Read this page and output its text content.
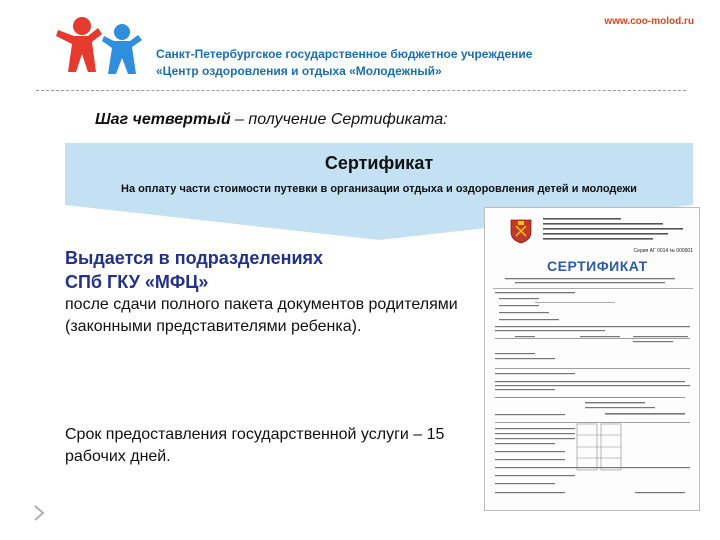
www.coo-molod.ru
Санкт-Петербургское государственное бюджетное учреждение
«Центр оздоровления и отдыха «Молодежный»
Шаг четвертый – получение Сертификата:
Сертификат
На оплату части стоимости путевки в организации отдыха и оздоровления детей и молодежи
Выдается в подразделениях
СПб ГКУ «МФЦ»
после сдачи полного пакета документов родителями (законными представителями ребенка).
Срок предоставления государственной услуги – 15 рабочих дней.
Серия АГ 0014 № 000001
СЕРТИФИКАТ
